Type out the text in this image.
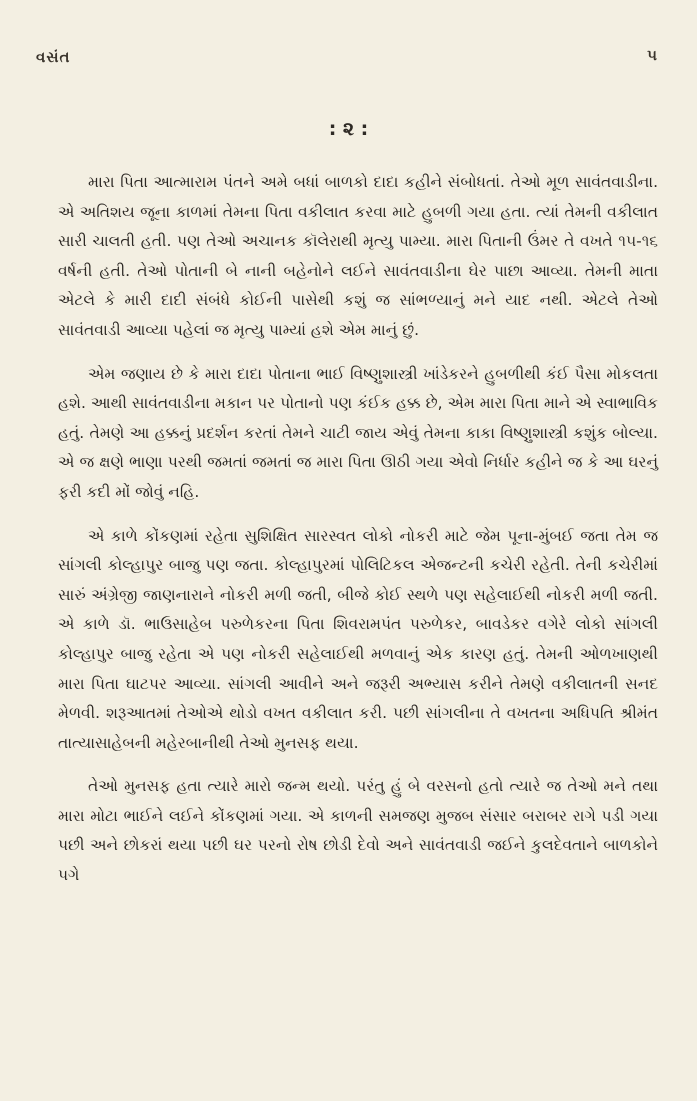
વસંત	૫
: ૨ :

મારા પિતા આત્મારામ પંતને અમે બધાં બાળકો દાદા કહીને સંબોધતાં. તેઓ મૂળ સાવંતવાડીના. એ અતિશય જૂના કાળમાં તેમના પિતા વકીલાત કરવા માટે હુબળી ગયા હતા. ત્યાં તેમની વકીલાત સારી ચાલતી હતી. પણ તેઓ અચાનક કૉલેરાથી મૃત્યુ પામ્યા. મારા પિતાની ઉંમર તે વખતે ૧૫-૧૬ વર્ષની હતી. તેઓ પોતાની બે નાની બહેનોને લઈને સાવંતવાડીના ઘેર પાછા આવ્યા. તેમની માતા એટલે કે મારી દાદી સંબંધે કોઈની પાસેથી કશું જ સાંભળ્યાનું મને યાદ નથી. એટલે તેઓ સાવંતવાડી આવ્યા પહેલાં જ મૃત્યુ પામ્યાં હશે એમ માનું છું.

એમ જણાય છે કે મારા દાદા પોતાના ભાઈ વિષ્ણુશાસ્ત્રી ખાંડેકરને હુબળીથી કંઈ પૈસા મોકલતા હશે. આથી સાવંતવાડીના મકાન પર પોતાનો પણ કંઈક હક્ક છે, એમ મારા પિતા માને એ સ્વાભાવિક હતું. તેમણે આ હક્કનું પ્રદર્શન કરતાં તેમને ચાટી જાય એવું તેમના કાકા વિષ્ણુશાસ્ત્રી કશુંક બોલ્યા. એ જ ક્ષણે ભાણા પરથી જમતાં જમતાં જ મારા પિતા ઊઠી ગયા એવો નિર્ધાર કહીને જ કે આ ઘરનું ફરી કદી મોં જોવું નહિ.

એ કાળે કોંકણમાં રહેતા સુશિક્ષિત સારસ્વત લોકો નોકરી માટે જેમ પૂના-મુંબઈ જતા તેમ જ સાંગલી કોલ્હાપુર બાજુ પણ જતા. કોલ્હાપુરમાં પોલિટિકલ એજન્ટની કચેરી રહેતી. તેની કચેરીમાં સારું અંગ્રેજી જાણનારાને નોકરી મળી જતી, બીજે કોઈ સ્થળે પણ સહેલાઈથી નોકરી મળી જતી. એ કાળે ડૉ. ભાઉસાહેબ પરુળેકરના પિતા શિવરામપંત પરુળેકર, બાવડેકર વગેરે લોકો સાંગલી કોલ્હાપુર બાજુ રહેતા એ પણ નોકરી સહેલાઈથી મળવાનું એક કારણ હતું. તેમની ઓળખાણથી મારા પિતા ઘાટપર આવ્યા. સાંગલી આવીને અને જરૂરી અભ્યાસ કરીને તેમણે વકીલાતની સનદ મેળવી. શરૂઆતમાં તેઓએ થોડો વખત વકીલાત કરી. પછી સાંગલીના તે વખતના અધિપતિ શ્રીમંત તાત્યાસાહેબની મહેરબાનીથી તેઓ મુનસફ થયા.

તેઓ મુનસફ હતા ત્યારે મારો જન્મ થયો. પરંતુ હું બે વરસનો હતો ત્યારે જ તેઓ મને તથા મારા મોટા ભાઈને લઈને કોંકણમાં ગયા. એ કાળની સમજણ મુજબ સંસાર બરાબર રાગે પડી ગયા પછી અને છોકરાં થયા પછી ઘર પરનો રોષ છોડી દેવો અને સાવંતવાડી જઈને કુલદેવતાને બાળકોને પગે
